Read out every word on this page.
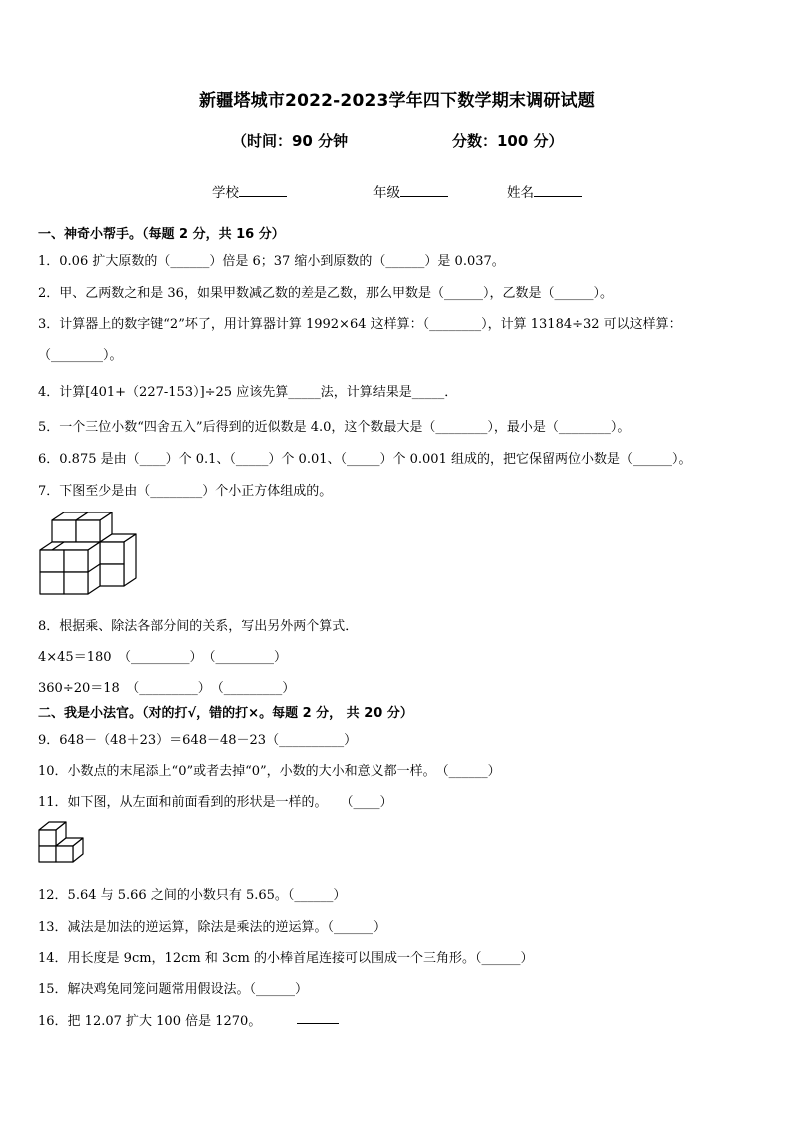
新疆塔城市2022-2023学年四下数学期末调研试题
（时间：90 分钟	分数：100 分）
学校	年级	姓名
一、神奇小帮手。（每题 2 分，共 16 分）
1．0.06 扩大原数的（______）倍是 6；37 缩小到原数的（______）是 0.037。
2．甲、乙两数之和是 36，如果甲数减乙数的差是乙数，那么甲数是（______），乙数是（______）。
3．计算器上的数字键“2”坏了，用计算器计算 1992×64 这样算：（________），计算 13184÷32 可以这样算：
（________）。
4．计算[401+（227-153）]÷25 应该先算_____法，计算结果是_____．
5．一个三位小数“四舍五入”后得到的近似数是 4.0，这个数最大是（________），最小是（________）。
6．0.875 是由（____）个 0.1、（_____）个 0.01、（_____）个 0.001 组成的，把它保留两位小数是（______）。
7．下图至少是由（________）个小正方体组成的。
8．根据乘、除法各部分间的关系，写出另外两个算式．
4×45＝180　（_________）　（_________）
360÷20＝18　（_________）　（_________）
二、我是小法官。（对的打√，错的打×。每题 2 分， 共 20 分）
9．648－（48＋23）＝648－48－23（__________）
10．小数点的末尾添上“0”或者去掉“0”，小数的大小和意义都一样。　（______）
11．如下图，从左面和前面看到的形状是一样的。　　（____）
12．5.64 与 5.66 之间的小数只有 5.65。（______）
13．减法是加法的逆运算，除法是乘法的逆运算。（______）
14．用长度是 9cm，12cm 和 3cm 的小棒首尾连接可以围成一个三角形。（______）
15．解决鸡兔同笼问题常用假设法。（______）
16．把 12.07 扩大 100 倍是 1270。
